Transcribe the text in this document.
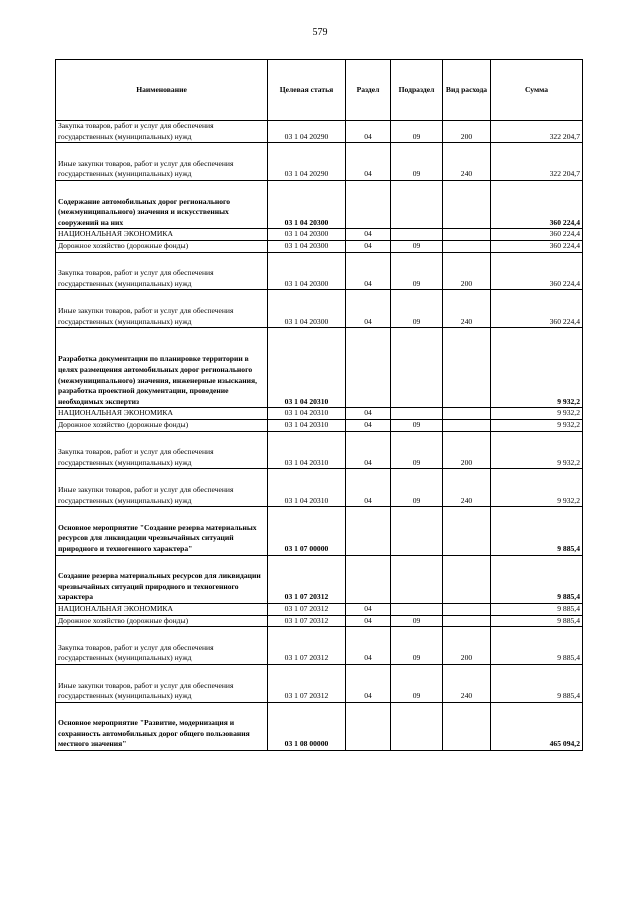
579
Наименование	Целевая статья	Раздел	Подраздел	Вид расхода	Сумма
Закупка товаров, работ и услуг для обеспечения государственных (муниципальных) нужд	03 1 04 20290	04	09	200	322 204,7
Иные закупки товаров, работ и услуг для обеспечения государственных (муниципальных) нужд	03 1 04 20290	04	09	240	322 204,7
Содержание автомобильных дорог регионального (межмуниципального) значения и искусственных сооружений на них	03 1 04 20300				360 224,4
НАЦИОНАЛЬНАЯ ЭКОНОМИКА	03 1 04 20300	04			360 224,4
Дорожное хозяйство (дорожные фонды)	03 1 04 20300	04	09		360 224,4
Закупка товаров, работ и услуг для обеспечения государственных (муниципальных) нужд	03 1 04 20300	04	09	200	360 224,4
Иные закупки товаров, работ и услуг для обеспечения государственных (муниципальных) нужд	03 1 04 20300	04	09	240	360 224,4
Разработка документации по планировке территории в целях размещения автомобильных дорог регионального (межмуниципального) значения, инженерные изыскания, разработка проектной документации, проведение необходимых экспертиз	03 1 04 20310				9 932,2
НАЦИОНАЛЬНАЯ ЭКОНОМИКА	03 1 04 20310	04			9 932,2
Дорожное хозяйство (дорожные фонды)	03 1 04 20310	04	09		9 932,2
Закупка товаров, работ и услуг для обеспечения государственных (муниципальных) нужд	03 1 04 20310	04	09	200	9 932,2
Иные закупки товаров, работ и услуг для обеспечения государственных (муниципальных) нужд	03 1 04 20310	04	09	240	9 932,2
Основное мероприятие "Создание резерва материальных ресурсов для ликвидации чрезвычайных ситуаций природного и техногенного характера"	03 1 07 00000				9 885,4
Создание резерва материальных ресурсов для ликвидации чрезвычайных ситуаций природного и техногенного характера	03 1 07 20312				9 885,4
НАЦИОНАЛЬНАЯ ЭКОНОМИКА	03 1 07 20312	04			9 885,4
Дорожное хозяйство (дорожные фонды)	03 1 07 20312	04	09		9 885,4
Закупка товаров, работ и услуг для обеспечения государственных (муниципальных) нужд	03 1 07 20312	04	09	200	9 885,4
Иные закупки товаров, работ и услуг для обеспечения государственных (муниципальных) нужд	03 1 07 20312	04	09	240	9 885,4
Основное мероприятие "Развитие, модернизация и сохранность автомобильных дорог общего пользования местного значения"	03 1 08 00000				465 094,2
